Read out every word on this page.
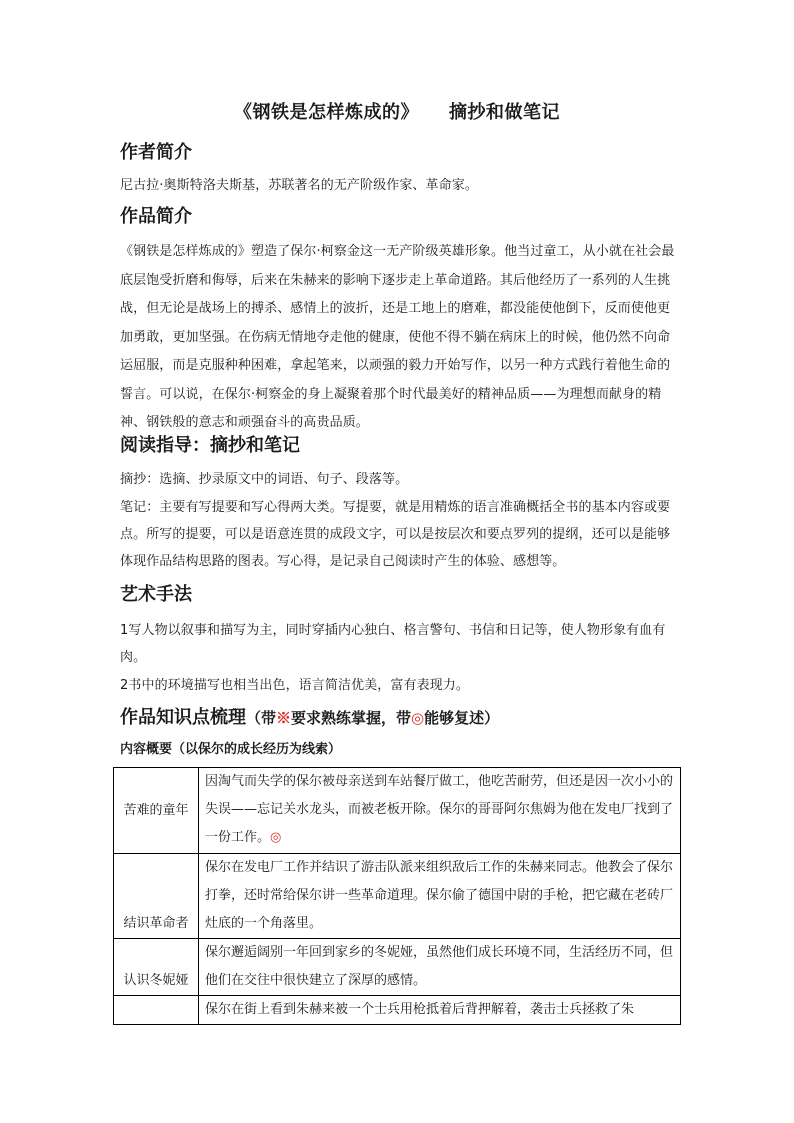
《钢铁是怎样炼成的》 摘抄和做笔记
作者简介

尼古拉·奥斯特洛夫斯基，苏联著名的无产阶级作家、革命家。

作品简介

《钢铁是怎样炼成的》塑造了保尔·柯察金这一无产阶级英雄形象。他当过童工，从小就在社会最底层饱受折磨和侮辱，后来在朱赫来的影响下逐步走上革命道路。其后他经历了一系列的人生挑战，但无论是战场上的搏杀、感情上的波折，还是工地上的磨难，都没能使他倒下，反而使他更加勇敢，更加坚强。在伤病无情地夺走他的健康，使他不得不躺在病床上的时候，他仍然不向命运屈服，而是克服种种困难，拿起笔来，以顽强的毅力开始写作，以另一种方式践行着他生命的誓言。可以说，在保尔·柯察金的身上凝聚着那个时代最美好的精神品质——为理想而献身的精神、钢铁般的意志和顽强奋斗的高贵品质。

阅读指导：摘抄和笔记

摘抄：选摘、抄录原文中的词语、句子、段落等。

笔记：主要有写提要和写心得两大类。写提要，就是用精炼的语言准确概括全书的基本内容或要点。所写的提要，可以是语意连贯的成段文字，可以是按层次和要点罗列的提纲，还可以是能够体现作品结构思路的图表。写心得，是记录自己阅读时产生的体验、感想等。

艺术手法

1写人物以叙事和描写为主，同时穿插内心独白、格言警句、书信和日记等，使人物形象有血有肉。

2书中的环境描写也相当出色，语言简洁优美，富有表现力。

作品知识点梳理（带※要求熟练掌握，带◎能够复述）

内容概要（以保尔的成长经历为线索）

苦难的童年	因淘气而失学的保尔被母亲送到车站餐厅做工，他吃苦耐劳，但还是因一次小小的失误——忘记关水龙头，而被老板开除。保尔的哥哥阿尔焦姆为他在发电厂找到了一份工作。◎
结识革命者	保尔在发电厂工作并结识了游击队派来组织敌后工作的朱赫来同志。他教会了保尔打拳，还时常给保尔讲一些革命道理。保尔偷了德国中尉的手枪，把它藏在老砖厂灶底的一个角落里。
认识冬妮娅	保尔邂逅阔别一年回到家乡的冬妮娅，虽然他们成长环境不同，生活经历不同，但他们在交往中很快建立了深厚的感情。
	保尔在街上看到朱赫来被一个士兵用枪抵着后背押解着，袭击士兵拯救了朱
